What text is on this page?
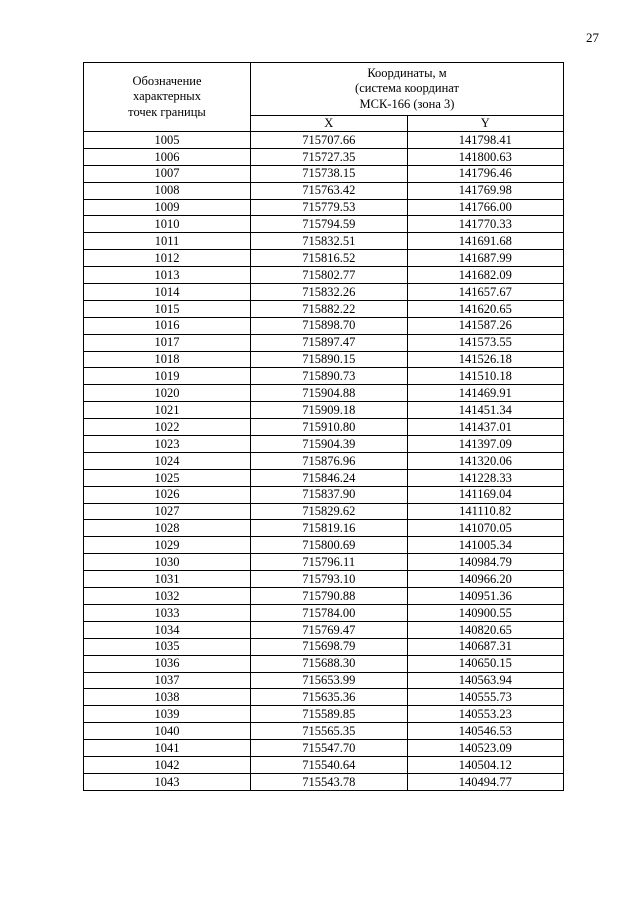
27
Обозначение
характерных
точек границы	Координаты, м
(система координат
МСК-166 (зона 3)	

	X	Y
1005	715707.66	141798.41
1006	715727.35	141800.63
1007	715738.15	141796.46
1008	715763.42	141769.98
1009	715779.53	141766.00
1010	715794.59	141770.33
1011	715832.51	141691.68
1012	715816.52	141687.99
1013	715802.77	141682.09
1014	715832.26	141657.67
1015	715882.22	141620.65
1016	715898.70	141587.26
1017	715897.47	141573.55
1018	715890.15	141526.18
1019	715890.73	141510.18
1020	715904.88	141469.91
1021	715909.18	141451.34
1022	715910.80	141437.01
1023	715904.39	141397.09
1024	715876.96	141320.06
1025	715846.24	141228.33
1026	715837.90	141169.04
1027	715829.62	141110.82
1028	715819.16	141070.05
1029	715800.69	141005.34
1030	715796.11	140984.79
1031	715793.10	140966.20
1032	715790.88	140951.36
1033	715784.00	140900.55
1034	715769.47	140820.65
1035	715698.79	140687.31
1036	715688.30	140650.15
1037	715653.99	140563.94
1038	715635.36	140555.73
1039	715589.85	140553.23
1040	715565.35	140546.53
1041	715547.70	140523.09
1042	715540.64	140504.12
1043	715543.78	140494.77
